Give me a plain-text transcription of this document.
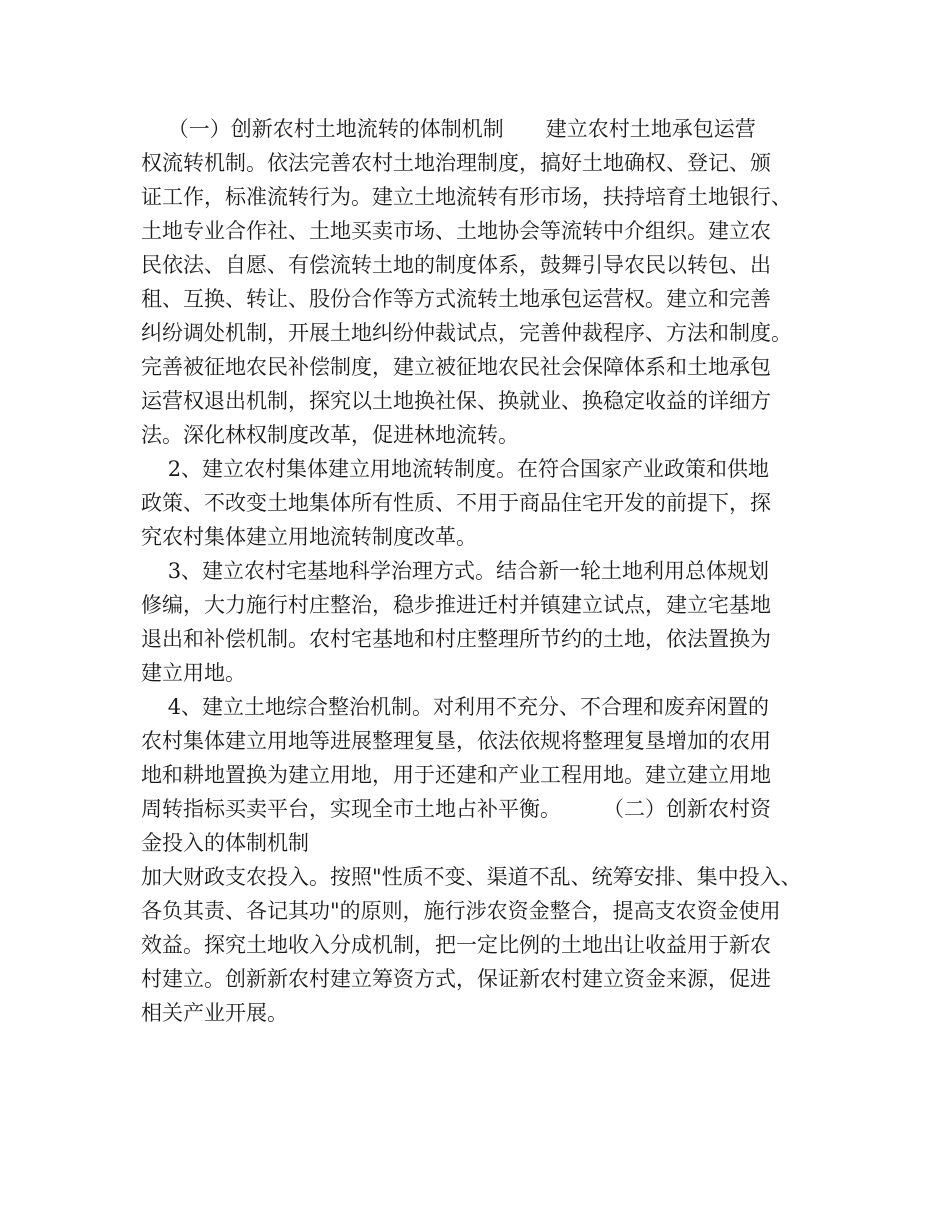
（一）创新农村土地流转的体制机制　　建立农村土地承包运营
权流转机制。依法完善农村土地治理制度，搞好土地确权、登记、颁
证工作，标准流转行为。建立土地流转有形市场，扶持培育土地银行、
土地专业合作社、土地买卖市场、土地协会等流转中介组织。建立农
民依法、自愿、有偿流转土地的制度体系，鼓舞引导农民以转包、出
租、互换、转让、股份合作等方式流转土地承包运营权。建立和完善
纠纷调处机制，开展土地纠纷仲裁试点，完善仲裁程序、方法和制度。
完善被征地农民补偿制度，建立被征地农民社会保障体系和土地承包
运营权退出机制，探究以土地换社保、换就业、换稳定收益的详细方
法。深化林权制度改革，促进林地流转。
2、建立农村集体建立用地流转制度。在符合国家产业政策和供地
政策、不改变土地集体所有性质、不用于商品住宅开发的前提下，探
究农村集体建立用地流转制度改革。
3、建立农村宅基地科学治理方式。结合新一轮土地利用总体规划
修编，大力施行村庄整治，稳步推进迁村并镇建立试点，建立宅基地
退出和补偿机制。农村宅基地和村庄整理所节约的土地，依法置换为
建立用地。
4、建立土地综合整治机制。对利用不充分、不合理和废弃闲置的
农村集体建立用地等进展整理复垦，依法依规将整理复垦增加的农用
地和耕地置换为建立用地，用于还建和产业工程用地。建立建立用地
周转指标买卖平台，实现全市土地占补平衡。　　　（二）创新农村资
金投入的体制机制
加大财政支农投入。按照"性质不变、渠道不乱、统筹安排、集中投入、
各负其责、各记其功"的原则，施行涉农资金整合，提高支农资金使用
效益。探究土地收入分成机制，把一定比例的土地出让收益用于新农
村建立。创新新农村建立筹资方式，保证新农村建立资金来源，促进
相关产业开展。
